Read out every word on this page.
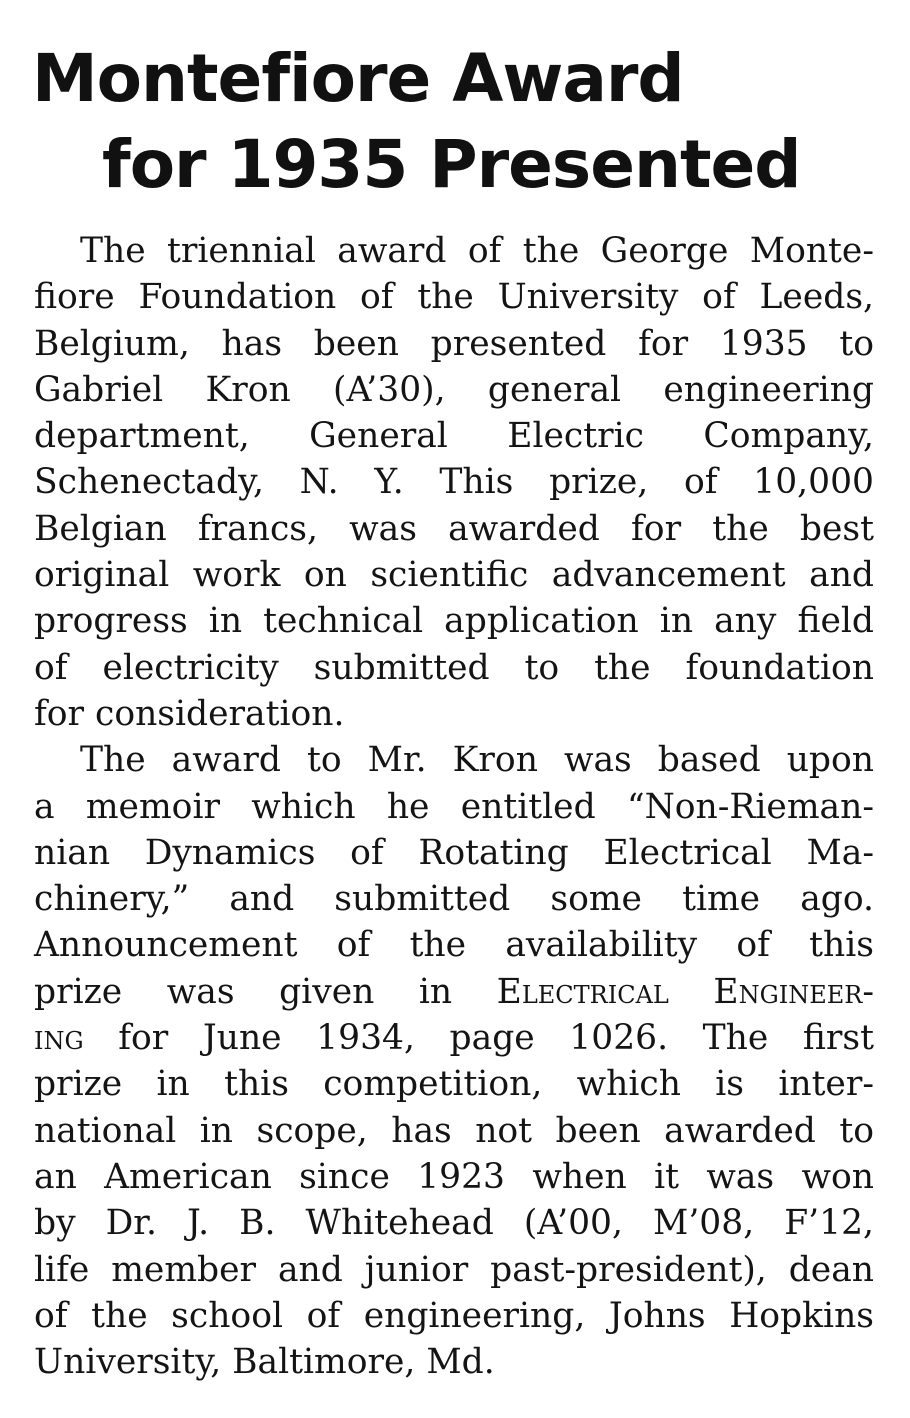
Montefiore Award
for 1935 Presented
The triennial award of the George Monte-
fiore Foundation of the University of Leeds,
Belgium, has been presented for 1935 to
Gabriel Kron (A’30), general engineering
department, General Electric Company,
Schenectady, N. Y. This prize, of 10,000
Belgian francs, was awarded for the best
original work on scientific advancement and
progress in technical application in any field
of electricity submitted to the foundation
for consideration.
The award to Mr. Kron was based upon
a memoir which he entitled “Non-Rieman-
nian Dynamics of Rotating Electrical Ma-
chinery,” and submitted some time ago.
Announcement of the availability of this
prize was given in Electrical Engineer-
ing for June 1934, page 1026. The first
prize in this competition, which is inter-
national in scope, has not been awarded to
an American since 1923 when it was won
by Dr. J. B. Whitehead (A’00, M’08, F’12,
life member and junior past-president), dean
of the school of engineering, Johns Hopkins
University, Baltimore, Md.
